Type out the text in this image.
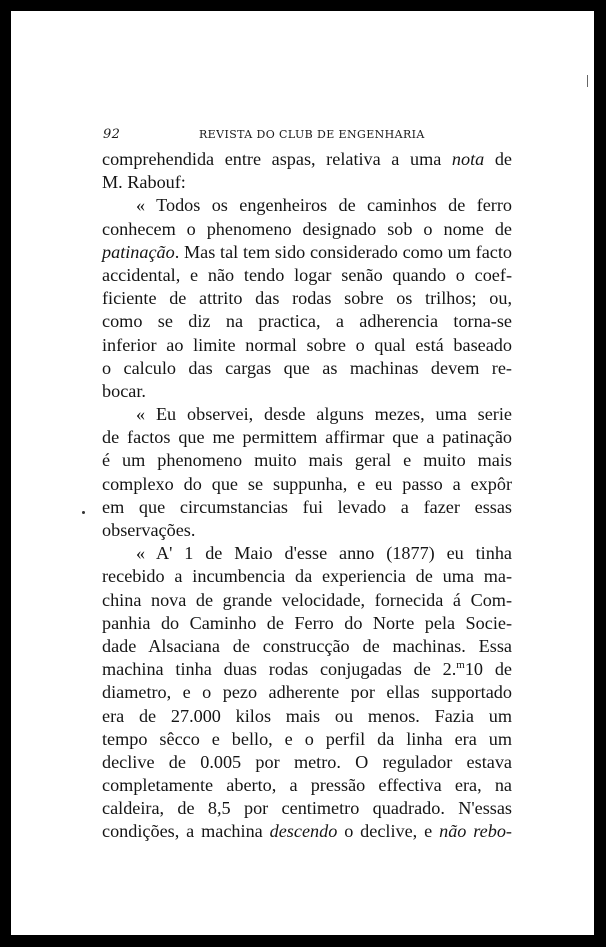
92	REVISTA DO CLUB DE ENGENHARIA
comprehendida entre aspas, relativa a uma nota de
M. Rabouf:
« Todos os engenheiros de caminhos de ferro
conhecem o phenomeno designado sob o nome de
patinação. Mas tal tem sido considerado como um facto
accidental, e não tendo logar senão quando o coef-
ficiente de attrito das rodas sobre os trilhos; ou,
como se diz na practica, a adherencia torna-se
inferior ao limite normal sobre o qual está baseado
o calculo das cargas que as machinas devem re-
bocar.
« Eu observei, desde alguns mezes, uma serie
de factos que me permittem affirmar que a patinação
é um phenomeno muito mais geral e muito mais
complexo do que se suppunha, e eu passo a expôr
em que circumstancias fui levado a fazer essas
observações.
« A' 1 de Maio d'esse anno (1877) eu tinha
recebido a incumbencia da experiencia de uma ma-
china nova de grande velocidade, fornecida á Com-
panhia do Caminho de Ferro do Norte pela Socie-
dade Alsaciana de construcção de machinas. Essa
machina tinha duas rodas conjugadas de 2.$^m$10 de
diametro, e o pezo adherente por ellas supportado
era de 27.000 kilos mais ou menos. Fazia um
tempo sêcco e bello, e o perfil da linha era um
declive de 0.005 por metro. O regulador estava
completamente aberto, a pressão effectiva era, na
caldeira, de 8,5 por centimetro quadrado. N'essas
condições, a machina descendo o declive, e não rebo-
